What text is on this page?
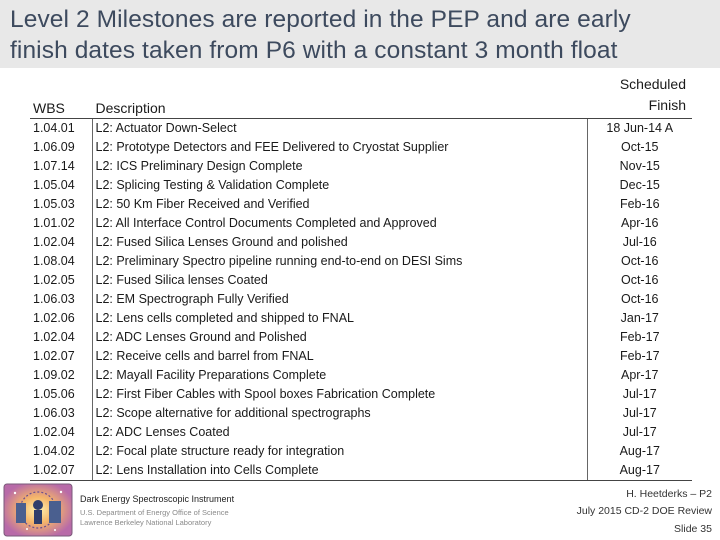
Level 2 Milestones are reported in the PEP and are early
finish dates taken from P6 with a constant 3 month float
WBS	Description	Scheduled
Finish

1.04.01	L2: Actuator Down-Select	18 Jun-14 A
1.06.09	L2: Prototype Detectors and FEE Delivered to Cryostat Supplier	Oct-15
1.07.14	L2: ICS Preliminary Design Complete	Nov-15
1.05.04	L2: Splicing Testing & Validation Complete	Dec-15
1.05.03	L2: 50 Km Fiber Received and Verified	Feb-16
1.01.02	L2: All Interface Control Documents Completed and Approved	Apr-16
1.02.04	L2: Fused Silica Lenses Ground and polished	Jul-16
1.08.04	L2: Preliminary Spectro pipeline running end-to-end on DESI Sims	Oct-16
1.02.05	L2: Fused Silica lenses Coated	Oct-16
1.06.03	L2: EM Spectrograph Fully Verified	Oct-16
1.02.06	L2: Lens cells completed and shipped to FNAL	Jan-17
1.02.04	L2: ADC Lenses Ground and Polished	Feb-17
1.02.07	L2: Receive cells and barrel from FNAL	Feb-17
1.09.02	L2: Mayall Facility Preparations Complete	Apr-17
1.05.06	L2: First Fiber Cables with Spool boxes Fabrication Complete	Jul-17
1.06.03	L2: Scope alternative for additional spectrographs	Jul-17
1.02.04	L2: ADC Lenses Coated	Jul-17
1.04.02	L2: Focal plate structure ready for integration	Aug-17
1.02.07	L2: Lens Installation into Cells Complete	Aug-17
Dark Energy Spectroscopic Instrument
U.S. Department of Energy Office of Science
Lawrence Berkeley National Laboratory
H. Heetderks – P2
July 2015 CD-2 DOE Review
Slide 35
